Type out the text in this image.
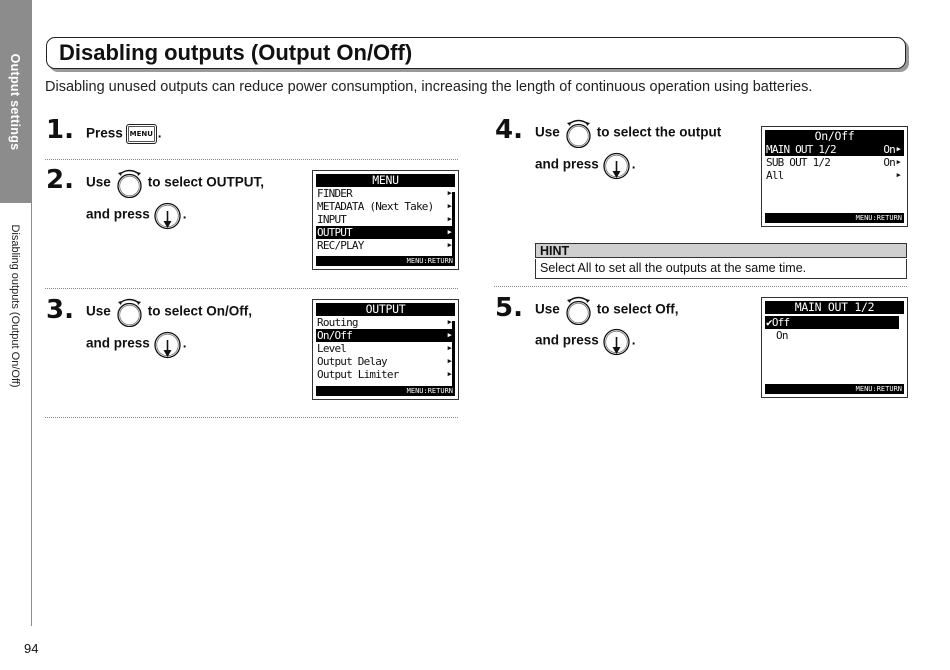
Output settings
Disabling outputs (Output On/Off)
94
Disabling outputs (Output On/Off)
Disabling unused outputs can reduce power consumption, increasing the length of continuous operation using batteries.
1. Press MENU .
2. Use	to select OUTPUT,
and press .
MENU
FINDER	▶
METADATA (Next Take) ▶
INPUT	▶
OUTPUT	▶
REC/PLAY	▶
MENU:RETURN
3. Use	to select On/Off,
and press .
OUTPUT
Routing	▶
On/Off	▶
Level	▶
Output Delay	▶
Output Limiter	▶
MENU:RETURN
4. Use	to select the output
and press .
On/Off
MAIN OUT 1/2	On ▶
SUB OUT 1/2	On ▶
All	▶
MENU:RETURN
HINT
Select All to set all the outputs at the same time.
5. Use	to select Off,
and press .
MAIN OUT 1/2
✔Off
On
MENU:RETURN
